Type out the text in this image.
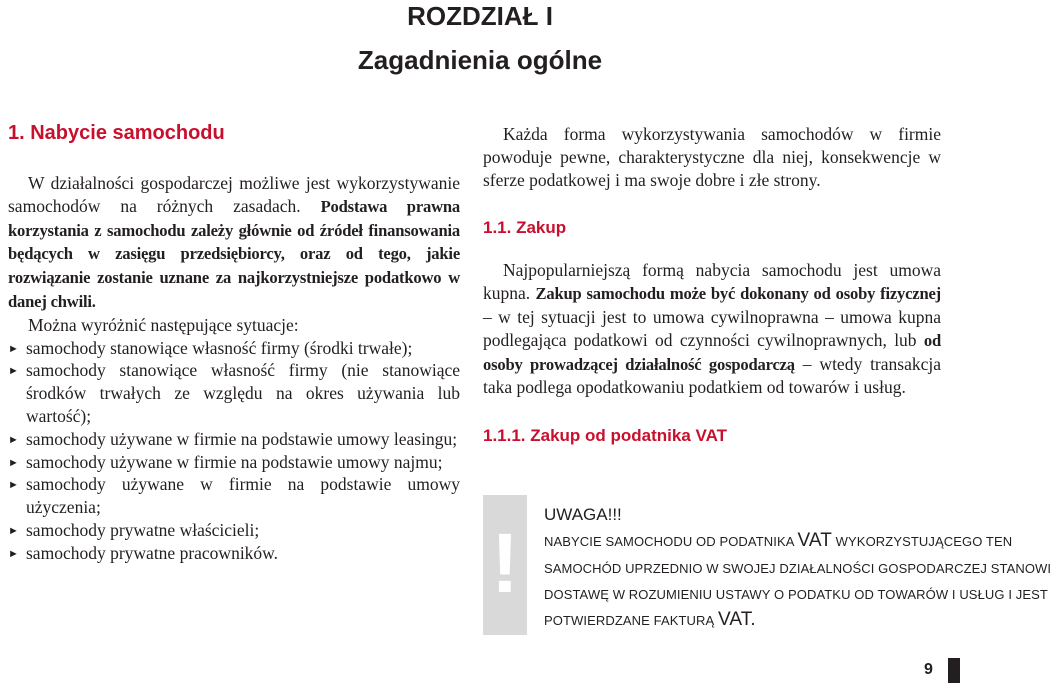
ROZDZIAŁ I
Zagadnienia ogólne
1. Nabycie samochodu

W działalności gospodarczej możliwe jest wykorzystywanie samochodów na różnych zasadach. Podstawa prawna korzystania z samochodu zależy głównie od źródeł finansowania będących w zasięgu przedsiębiorcy, oraz od tego, jakie rozwiązanie zostanie uznane za najkorzystniejsze podatkowo w danej chwili.

Można wyróżnić następujące sytuacje:

► samochody stanowiące własność firmy (środki trwałe);
► samochody stanowiące własność firmy (nie stanowiące środków trwałych ze względu na okres używania lub wartość);
► samochody używane w firmie na podstawie umowy leasingu;
► samochody używane w firmie na podstawie umowy najmu;
► samochody używane w firmie na podstawie umowy użyczenia;
► samochody prywatne właścicieli;
► samochody prywatne pracowników.

Każda forma wykorzystywania samochodów w firmie powoduje pewne, charakterystyczne dla niej, konsekwencje w sferze podatkowej i ma swoje dobre i złe strony.

1.1. Zakup

Najpopularniejszą formą nabycia samochodu jest umowa kupna. Zakup samochodu może być dokonany od osoby fizycznej – w tej sytuacji jest to umowa cywilnoprawna – umowa kupna podlegająca podatkowi od czynności cywilnoprawnych, lub od osoby prowadzącej działalność gospodarczą – wtedy transakcja taka podlega opodatkowaniu podatkiem od towarów i usług.

1.1.1. Zakup od podatnika VAT
!
UWAGA!!!
NABYCIE SAMOCHODU OD PODATNIKA VAT WYKORZYSTUJĄCEGO TEN
SAMOCHÓD UPRZEDNIO W SWOJEJ DZIAŁALNOŚCI GOSPODARCZEJ STANOWI
DOSTAWĘ W ROZUMIENIU USTAWY O PODATKU OD TOWARÓW I USŁUG I JEST
POTWIERDZANE FAKTURĄ VAT.
9
